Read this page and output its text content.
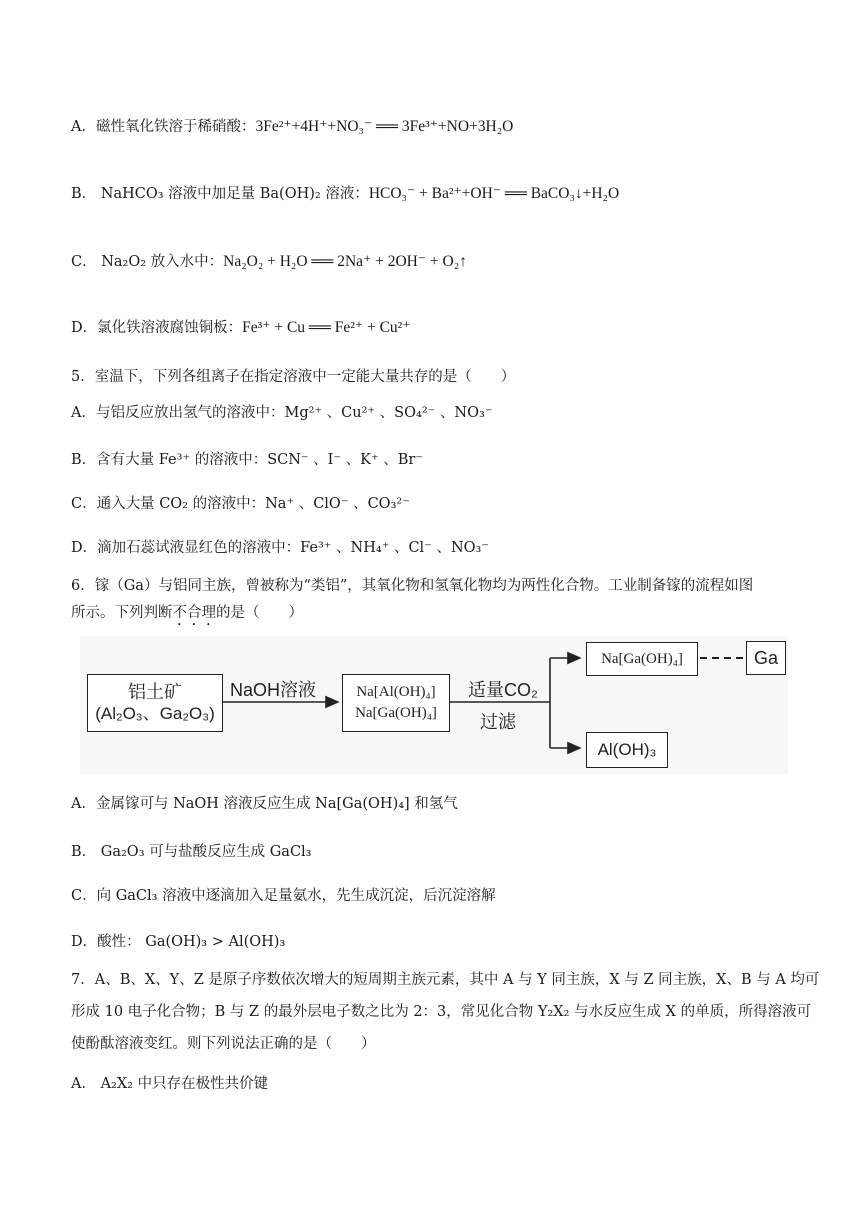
A．磁性氧化铁溶于稀硝酸：3Fe²⁺+4H⁺+NO₃⁻ ══ 3Fe³⁺+NO+3H₂O
B． NaHCO₃ 溶液中加足量 Ba(OH)₂ 溶液：HCO₃⁻ + Ba²⁺+OH⁻ ══ BaCO₃↓+H₂O
C． Na₂O₂ 放入水中：Na₂O₂ + H₂O ══ 2Na⁺ + 2OH⁻ + O₂↑
D．氯化铁溶液腐蚀铜板：Fe³⁺ + Cu ══ Fe²⁺ + Cu²⁺
5．室温下，下列各组离子在指定溶液中一定能大量共存的是（　　）
A．与铝反应放出氢气的溶液中：Mg²⁺ 、Cu²⁺ 、SO₄²⁻ 、NO₃⁻
B．含有大量 Fe³⁺ 的溶液中：SCN⁻ 、I⁻ 、K⁺ 、Br⁻
C．通入大量 CO₂ 的溶液中：Na⁺ 、ClO⁻ 、CO₃²⁻
D．滴加石蕊试液显红色的溶液中：Fe³⁺ 、NH₄⁺ 、Cl⁻ 、NO₃⁻
6．镓（Ga）与铝同主族，曾被称为“类铝”，其氧化物和氢氧化物均为两性化合物。工业制备镓的流程如图
所示。下列判断不合理的是（　　）
铝土矿
(Al₂O₃、Ga₂O₃)
NaOH溶液	Na[Al(OH)₄]
Na[Ga(OH)₄]
适量CO₂
过滤
Na[Ga(OH)₄]	Ga
Al(OH)₃
A．金属镓可与 NaOH 溶液反应生成 Na[Ga(OH)₄] 和氢气
B． Ga₂O₃ 可与盐酸反应生成 GaCl₃
C．向 GaCl₃ 溶液中逐滴加入足量氨水，先生成沉淀，后沉淀溶解
D．酸性： Ga(OH)₃ > Al(OH)₃
7．A、B、X、Y、Z 是原子序数依次增大的短周期主族元素，其中 A 与 Y 同主族，X 与 Z 同主族，X、B 与 A 均可形成 10 电子化合物；B 与 Z 的最外层电子数之比为 2：3，常见化合物 Y₂X₂ 与水反应生成 X 的单质，所得溶液可使酚酞溶液变红。则下列说法正确的是（　　）
A． A₂X₂ 中只存在极性共价键
